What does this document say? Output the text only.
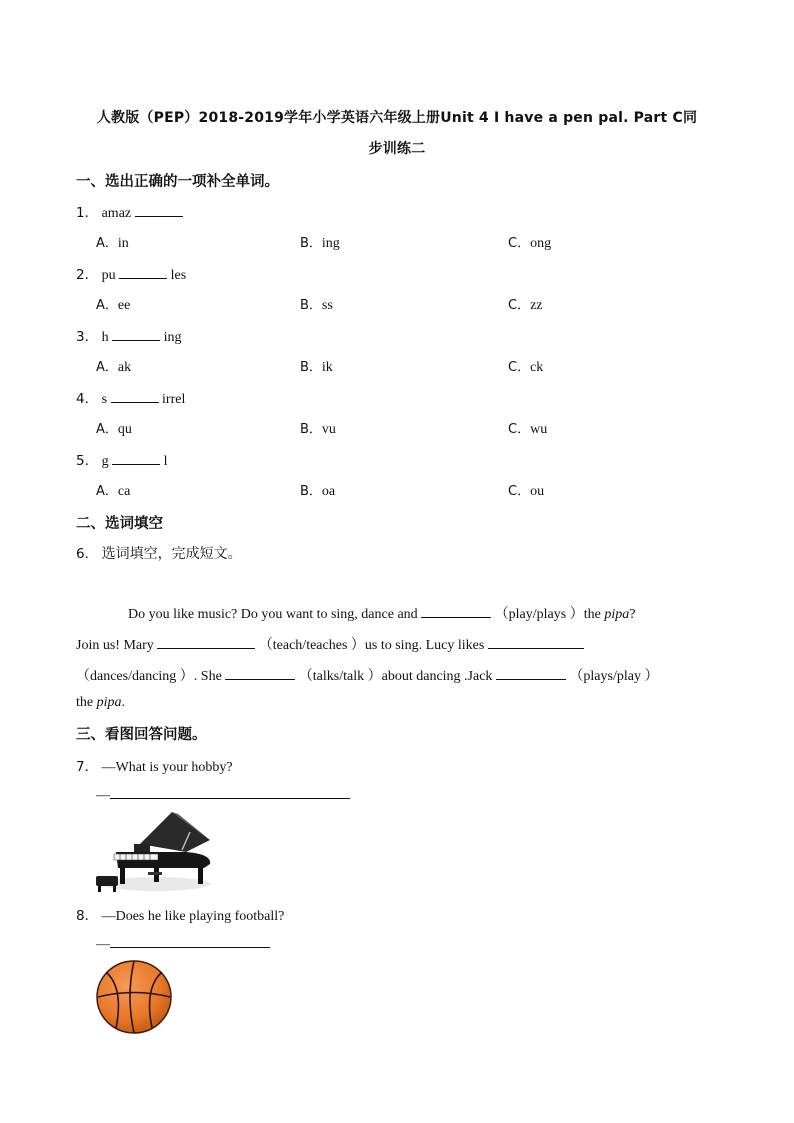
人教版（PEP）2018-2019学年小学英语六年级上册Unit 4 I have a pen pal. Part C同
步训练二
一、选出正确的一项补全单词。
1． amaz
A．in	B．ing	C．ong
2． pu	les
A．ee	B．ss	C．zz
3． h	ing
A．ak	B．ik	C．ck
4． s	irrel
A．qu	B．vu	C．wu
5． g	l
A．ca	B．oa	C．ou
二、选词填空
6． 选词填空，完成短文。
Do you like music? Do you want to sing, dance and	（play/plays ）the pipa?
Join us! Mary	（teach/teaches ）us to sing. Lucy likes
（dances/dancing ）. She	（talks/talk ）about dancing .Jack	（plays/play ）
the pipa.
三、看图回答问题。
7． —What is your hobby?
—
8． —Does he like playing football?
—
